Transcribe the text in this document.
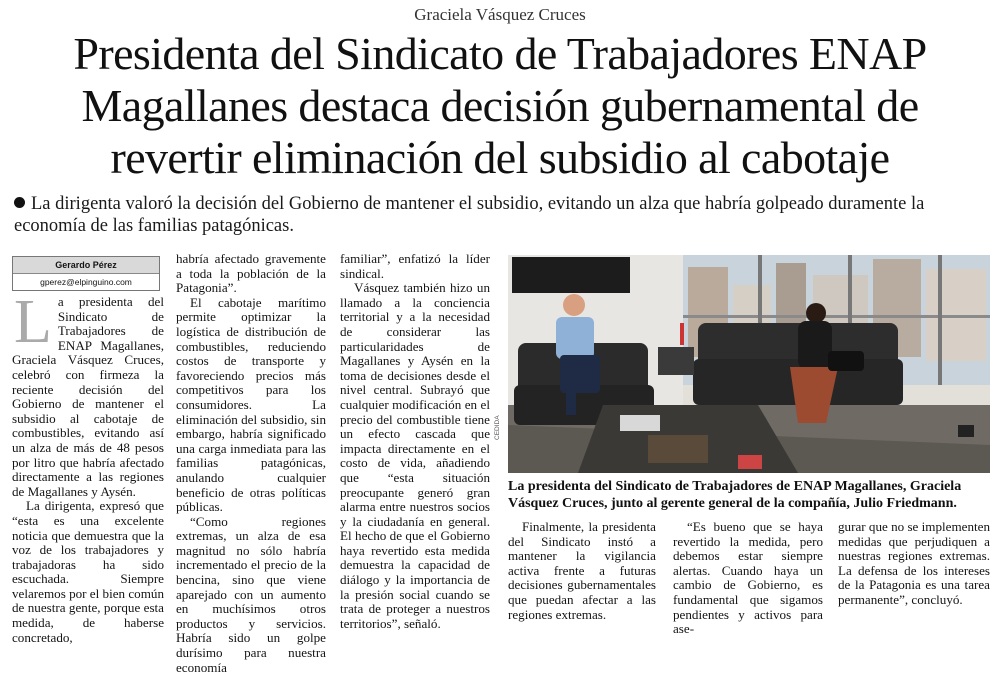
Graciela Vásquez Cruces
Presidenta del Sindicato de Trabajadores ENAP Magallanes destaca decisión gubernamental de revertir eliminación del subsidio al cabotaje
La dirigenta valoró la decisión del Gobierno de mantener el subsidio, evitando un alza que habría golpeado duramente la economía de las familias patagónicas.
Gerardo Pérez
gperez@elpinguino.com

La presidenta del Sindicato de Trabajadores de ENAP Magallanes, Graciela Vásquez Cruces, celebró con firmeza la reciente decisión del Gobierno de mantener el subsidio al cabotaje de combustibles, evitando así un alza de más de 48 pesos por litro que habría afectado directamente a las regiones de Magallanes y Aysén.

La dirigenta, expresó que “esta es una excelente noticia que demuestra que la voz de los trabajadores y trabajadoras ha sido escuchada. Siempre velaremos por el bien común de nuestra gente, porque esta medida, de haberse concretado,

habría afectado gravemente a toda la población de la Patagonia”.

El cabotaje marítimo permite optimizar la logística de distribución de combustibles, reduciendo costos de transporte y favoreciendo precios más competitivos para los consumidores. La eliminación del subsidio, sin embargo, habría significado una carga inmediata para las familias patagónicas, anulando cualquier beneficio de otras políticas públicas.

“Como regiones extremas, un alza de esa magnitud no sólo habría incrementado el precio de la bencina, sino que viene aparejado con un aumento en muchísimos otros productos y servicios. Habría sido un golpe durísimo para nuestra economía

familiar”, enfatizó la líder sindical.

Vásquez también hizo un llamado a la conciencia territorial y a la necesidad de considerar las particularidades de Magallanes y Aysén en la toma de decisiones desde el nivel central. Subrayó que cualquier modificación en el precio del combustible tiene un efecto cascada que impacta directamente en el costo de vida, añadiendo que “esta situación preocupante generó gran alarma entre nuestros socios y la ciudadanía en general. El hecho de que el Gobierno haya revertido esta medida demuestra la capacidad de diálogo y la importancia de la presión social cuando se trata de proteger a nuestros territorios”, señaló.

CEDIDA
La presidenta del Sindicato de Trabajadores de ENAP Magallanes, Graciela Vásquez Cruces, junto al gerente general de la compañía, Julio Friedmann.

Finalmente, la presidenta del Sindicato instó a mantener la vigilancia activa frente a futuras decisiones gubernamentales que puedan afectar a las regiones extremas.

“Es bueno que se haya revertido la medida, pero debemos estar siempre alertas. Cuando haya un cambio de Gobierno, es fundamental que sigamos pendientes y activos para ase-

gurar que no se implementen medidas que perjudiquen a nuestras regiones extremas. La defensa de los intereses de la Patagonia es una tarea permanente”, concluyó.
